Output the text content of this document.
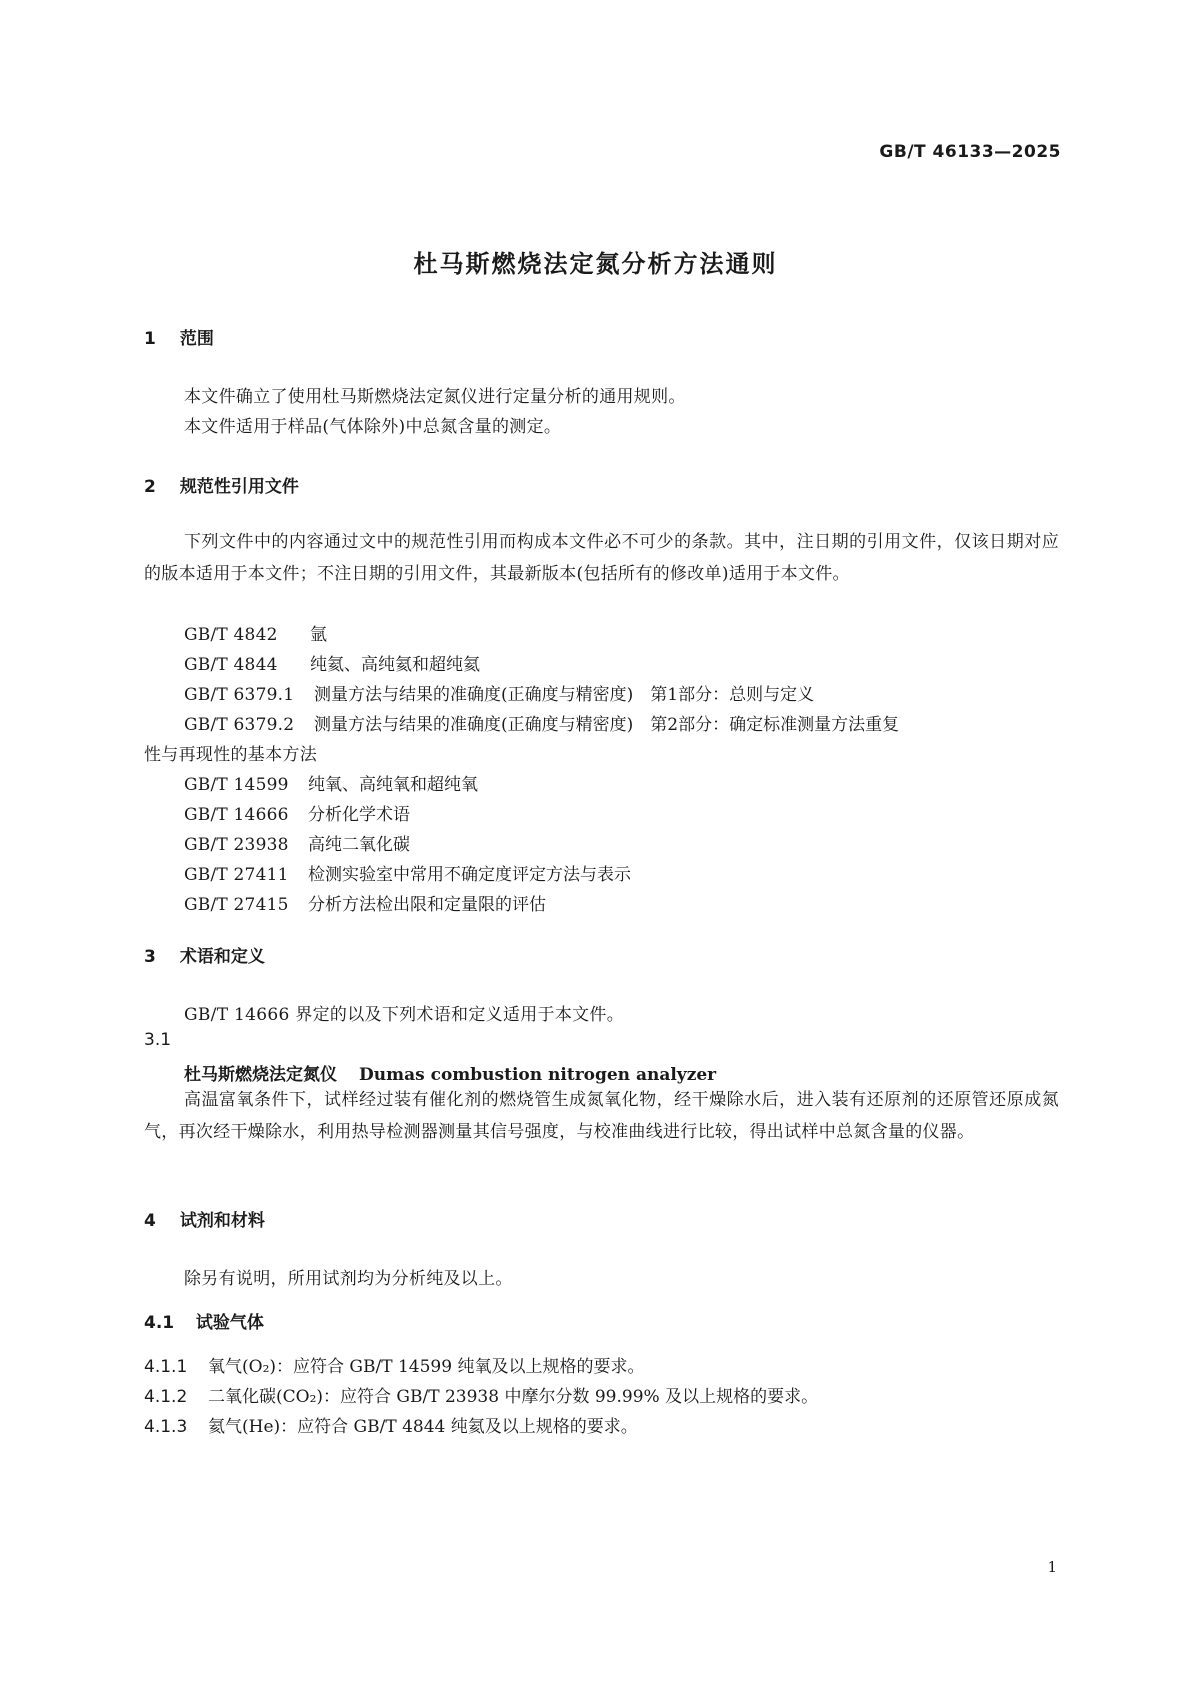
GB/T 46133—2025
杜马斯燃烧法定氮分析方法通则
1 范围
本文件确立了使用杜马斯燃烧法定氮仪进行定量分析的通用规则。
本文件适用于样品(气体除外)中总氮含量的测定。
2 规范性引用文件
下列文件中的内容通过文中的规范性引用而构成本文件必不可少的条款。其中，注日期的引用文件，仅该日期对应的版本适用于本文件；不注日期的引用文件，其最新版本(包括所有的修改单)适用于本文件。
GB/T 4842 氩
GB/T 4844 纯氦、高纯氦和超纯氦
GB/T 6379.1 测量方法与结果的准确度(正确度与精密度)　第1部分：总则与定义
GB/T 6379.2 测量方法与结果的准确度(正确度与精密度)　第2部分：确定标准测量方法重复
性与再现性的基本方法
GB/T 14599 纯氧、高纯氧和超纯氧
GB/T 14666 分析化学术语
GB/T 23938 高纯二氧化碳
GB/T 27411 检测实验室中常用不确定度评定方法与表示
GB/T 27415 分析方法检出限和定量限的评估
3 术语和定义
GB/T 14666 界定的以及下列术语和定义适用于本文件。
3.1
杜马斯燃烧法定氮仪 Dumas combustion nitrogen analyzer
高温富氧条件下，试样经过装有催化剂的燃烧管生成氮氧化物，经干燥除水后，进入装有还原剂的还原管还原成氮气，再次经干燥除水，利用热导检测器测量其信号强度，与校准曲线进行比较，得出试样中总氮含量的仪器。
4 试剂和材料
除另有说明，所用试剂均为分析纯及以上。
4.1 试验气体
4.1.1 氧气(O₂)：应符合 GB/T 14599 纯氧及以上规格的要求。
4.1.2 二氧化碳(CO₂)：应符合 GB/T 23938 中摩尔分数 99.99% 及以上规格的要求。
4.1.3 氦气(He)：应符合 GB/T 4844 纯氦及以上规格的要求。
1
